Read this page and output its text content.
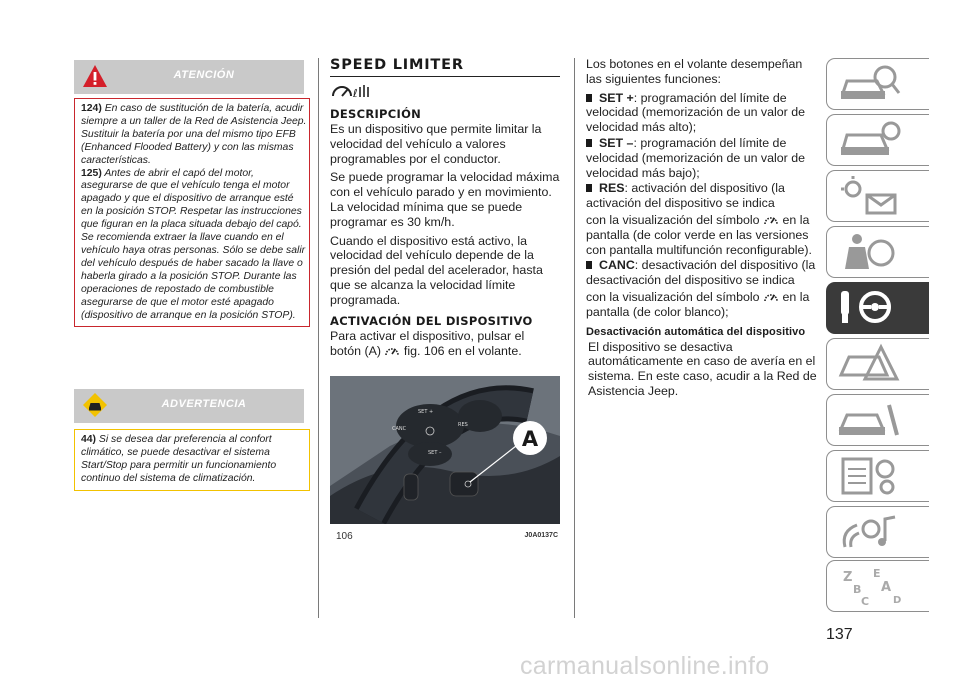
ATENCIÓN

124) En caso de sustitución de la batería, acudir siempre a un taller de la Red de Asistencia Jeep. Sustituir la batería por una del mismo tipo EFB (Enhanced Flooded Battery) y con las mismas características.

125) Antes de abrir el capó del motor, asegurarse de que el vehículo tenga el motor apagado y que el dispositivo de arranque esté en la posición STOP. Respetar las instrucciones que figuran en la placa situada debajo del capó. Se recomienda extraer la llave cuando en el vehículo haya otras personas. Sólo se debe salir del vehículo después de haber sacado la llave o haberla girado a la posición STOP. Durante las operaciones de repostado de combustible asegurarse de que el motor esté apagado (dispositivo de arranque en la posición STOP).

ADVERTENCIA

44) Si se desea dar preferencia al confort climático, se puede desactivar el sistema Start/Stop para permitir un funcionamiento continuo del sistema de climatización.

SPEED LIMITER
ℓ
DESCRIPCIÓN

Es un dispositivo que permite limitar la velocidad del vehículo a valores programables por el conductor.

Se puede programar la velocidad máxima con el vehículo parado y en movimiento. La velocidad mínima que se puede programar es 30 km/h.

Cuando el dispositivo está activo, la velocidad del vehículo depende de la presión del pedal del acelerador, hasta que se alcanza la velocidad límite programada.

ACTIVACIÓN DEL DISPOSITIVO

Para activar el dispositivo, pulsar el

botón (A) fig. 106 en el volante.

SET +
CANC
RES
SET –
A
106	J0A0137C

Los botones en el volante desempeñan las siguientes funciones:

SET +: programación del límite de velocidad (memorización de un valor de velocidad más alto);

SET –: programación del límite de velocidad (memorización de un valor de velocidad más bajo);

RES: activación del dispositivo (la activación del dispositivo se indica

con la visualización del símbolo en la pantalla (de color verde en las versiones con pantalla multifunción reconfigurable).

CANC: desactivación del dispositivo (la desactivación del dispositivo se indica

con la visualización del símbolo en la pantalla (de color blanco);

Desactivación automática del dispositivo

El dispositivo se desactiva automáticamente en caso de avería en el sistema. En este caso, acudir a la Red de Asistencia Jeep.

Z E
B A
C D
137
carmanualsonline.info
